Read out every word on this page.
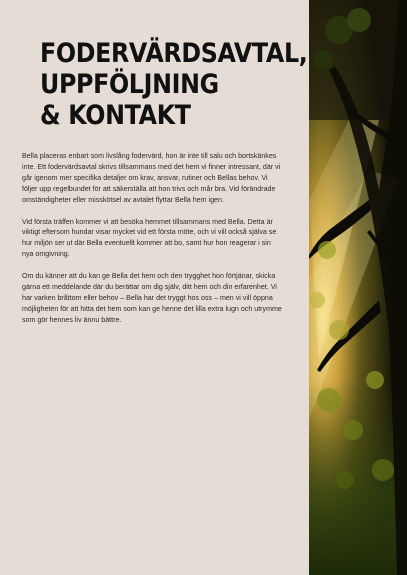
FODERVÄRDSAVTAL,
UPPFÖLJNING
& KONTAKT

Bella placeras enbart som livslång fodervärd, hon är inte till salu och bortskänkes inte. Ett fodervärdsavtal skrivs tillsammans med det hem vi finner intressant, där vi går igenom mer specifika detaljer om krav, ansvar, rutiner och Bellas behov. Vi följer upp regelbundet för att säkerställa att hon trivs och mår bra. Vid förändrade omständigheter eller misskötsel av avtalet flyttar Bella hem igen.

Vid första träffen kommer vi att besöka hemmet tillsammans med Bella. Detta är viktigt eftersom hundar visar mycket vid ett första möte, och vi vill också själva se hur miljön ser ut där Bella eventuellt kommer att bo, samt hur hon reagerar i sin nya omgivning.

Om du känner att du kan ge Bella det hem och den trygghet hon förtjänar, skicka gärna ett meddelande där du berättar om dig själv, ditt hem och din erfarenhet. Vi har varken bråttom eller behov – Bella har det tryggt hos oss – men vi vill öppna möjligheten för att hitta det hem som kan ge henne det lilla extra lugn och utrymme som gör hennes liv ännu bättre.
